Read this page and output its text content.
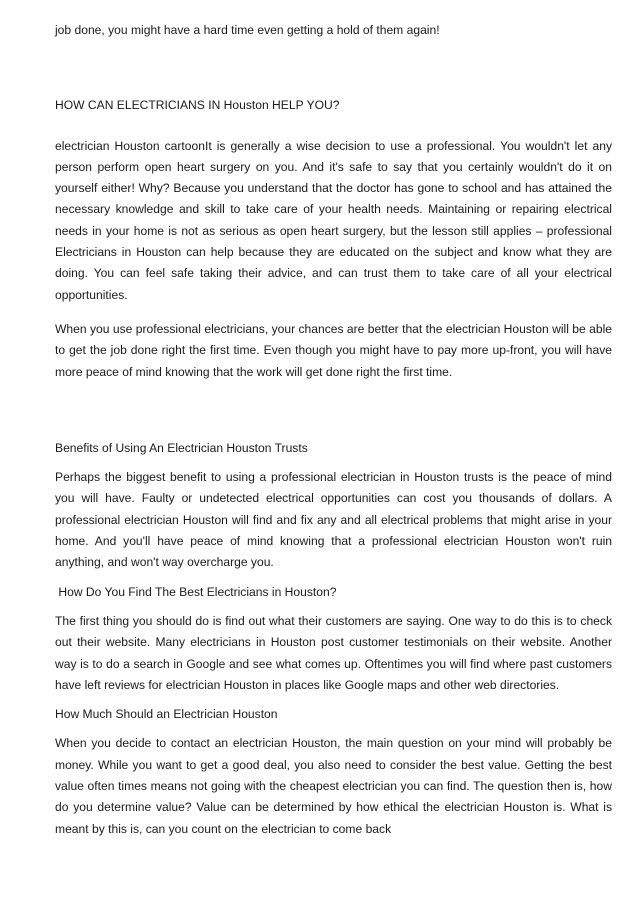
job done, you might have a hard time even getting a hold of them again!

HOW CAN ELECTRICIANS IN Houston HELP YOU?

electrician Houston cartoonIt is generally a wise decision to use a professional. You wouldn't let any person perform open heart surgery on you. And it's safe to say that you certainly wouldn't do it on yourself either! Why? Because you understand that the doctor has gone to school and has attained the necessary knowledge and skill to take care of your health needs. Maintaining or repairing electrical needs in your home is not as serious as open heart surgery, but the lesson still applies – professional Electricians in Houston can help because they are educated on the subject and know what they are doing. You can feel safe taking their advice, and can trust them to take care of all your electrical opportunities.

When you use professional electricians, your chances are better that the electrician Houston will be able to get the job done right the first time. Even though you might have to pay more up-front, you will have more peace of mind knowing that the work will get done right the first time.

Benefits of Using An Electrician Houston Trusts

Perhaps the biggest benefit to using a professional electrician in Houston trusts is the peace of mind you will have. Faulty or undetected electrical opportunities can cost you thousands of dollars. A professional electrician Houston will find and fix any and all electrical problems that might arise in your home. And you'll have peace of mind knowing that a professional electrician Houston won't ruin anything, and won't way overcharge you.

How Do You Find The Best Electricians in Houston?

The first thing you should do is find out what their customers are saying. One way to do this is to check out their website. Many electricians in Houston post customer testimonials on their website. Another way is to do a search in Google and see what comes up. Oftentimes you will find where past customers have left reviews for electrician Houston in places like Google maps and other web directories.

How Much Should an Electrician Houston

When you decide to contact an electrician Houston, the main question on your mind will probably be money. While you want to get a good deal, you also need to consider the best value. Getting the best value often times means not going with the cheapest electrician you can find. The question then is, how do you determine value? Value can be determined by how ethical the electrician Houston is. What is meant by this is, can you count on the electrician to come back
